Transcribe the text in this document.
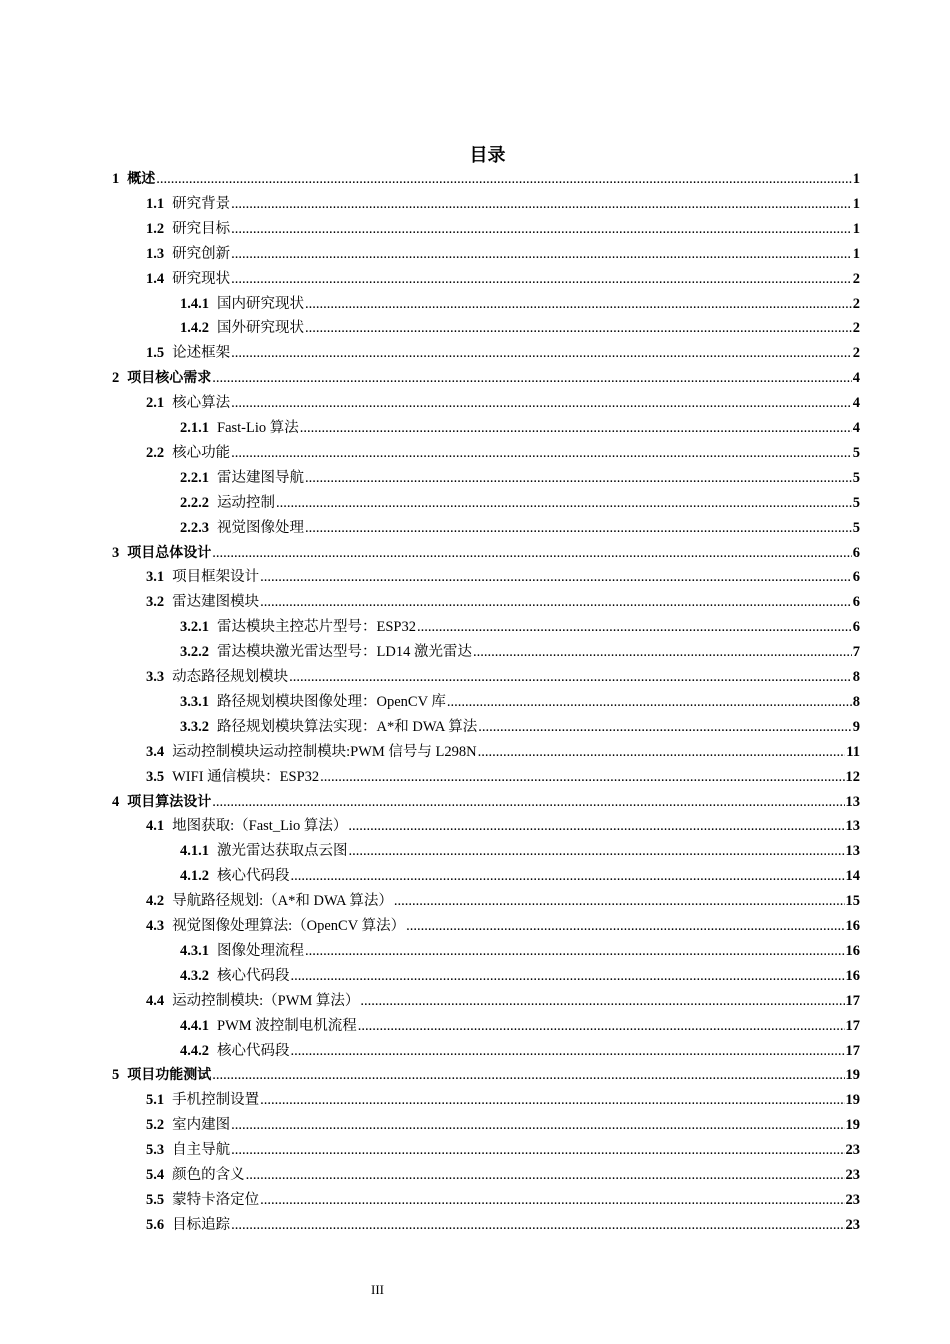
目录
1 概述 .....	1
1.1 研究背景 .....	1
1.2 研究目标 .....	1
1.3 研究创新 .....	1
1.4 研究现状 .....	2
1.4.1 国内研究现状 .....	2
1.4.2 国外研究现状 .....	2
1.5 论述框架 .....	2
2 项目核心需求 .....	4
2.1 核心算法 .....	4
2.1.1 Fast-Lio 算法 .....	4
2.2 核心功能 .....	5
2.2.1 雷达建图导航 .....	5
2.2.2 运动控制 .....	5
2.2.3 视觉图像处理 .....	5
3 项目总体设计 .....	6
3.1 项目框架设计 .....	6
3.2 雷达建图模块 .....	6
3.2.1 雷达模块主控芯片型号：ESP32 .....	6
3.2.2 雷达模块激光雷达型号：LD14 激光雷达 .....	7
3.3 动态路径规划模块 .....	8
3.3.1 路径规划模块图像处理：OpenCV 库 .....	8
3.3.2 路径规划模块算法实现：A*和 DWA 算法 .....	9
3.4 运动控制模块运动控制模块:PWM 信号与 L298N .....	11
3.5 WIFI 通信模块：ESP32 .....	12
4 项目算法设计 .....	13
4.1 地图获取:（Fast_Lio 算法） .....	13
4.1.1 激光雷达获取点云图 .....	13
4.1.2 核心代码段 .....	14
4.2 导航路径规划:（A*和 DWA 算法） .....	15
4.3 视觉图像处理算法:（OpenCV 算法） .....	16
4.3.1 图像处理流程 .....	16
4.3.2 核心代码段 .....	16
4.4 运动控制模块:（PWM 算法） .....	17
4.4.1 PWM 波控制电机流程 .....	17
4.4.2 核心代码段 .....	17
5 项目功能测试 .....	19
5.1 手机控制设置 .....	19
5.2 室内建图 .....	19
5.3 自主导航 .....	23
5.4 颜色的含义 .....	23
5.5 蒙特卡洛定位 .....	23
5.6 目标追踪 .....	23
III
